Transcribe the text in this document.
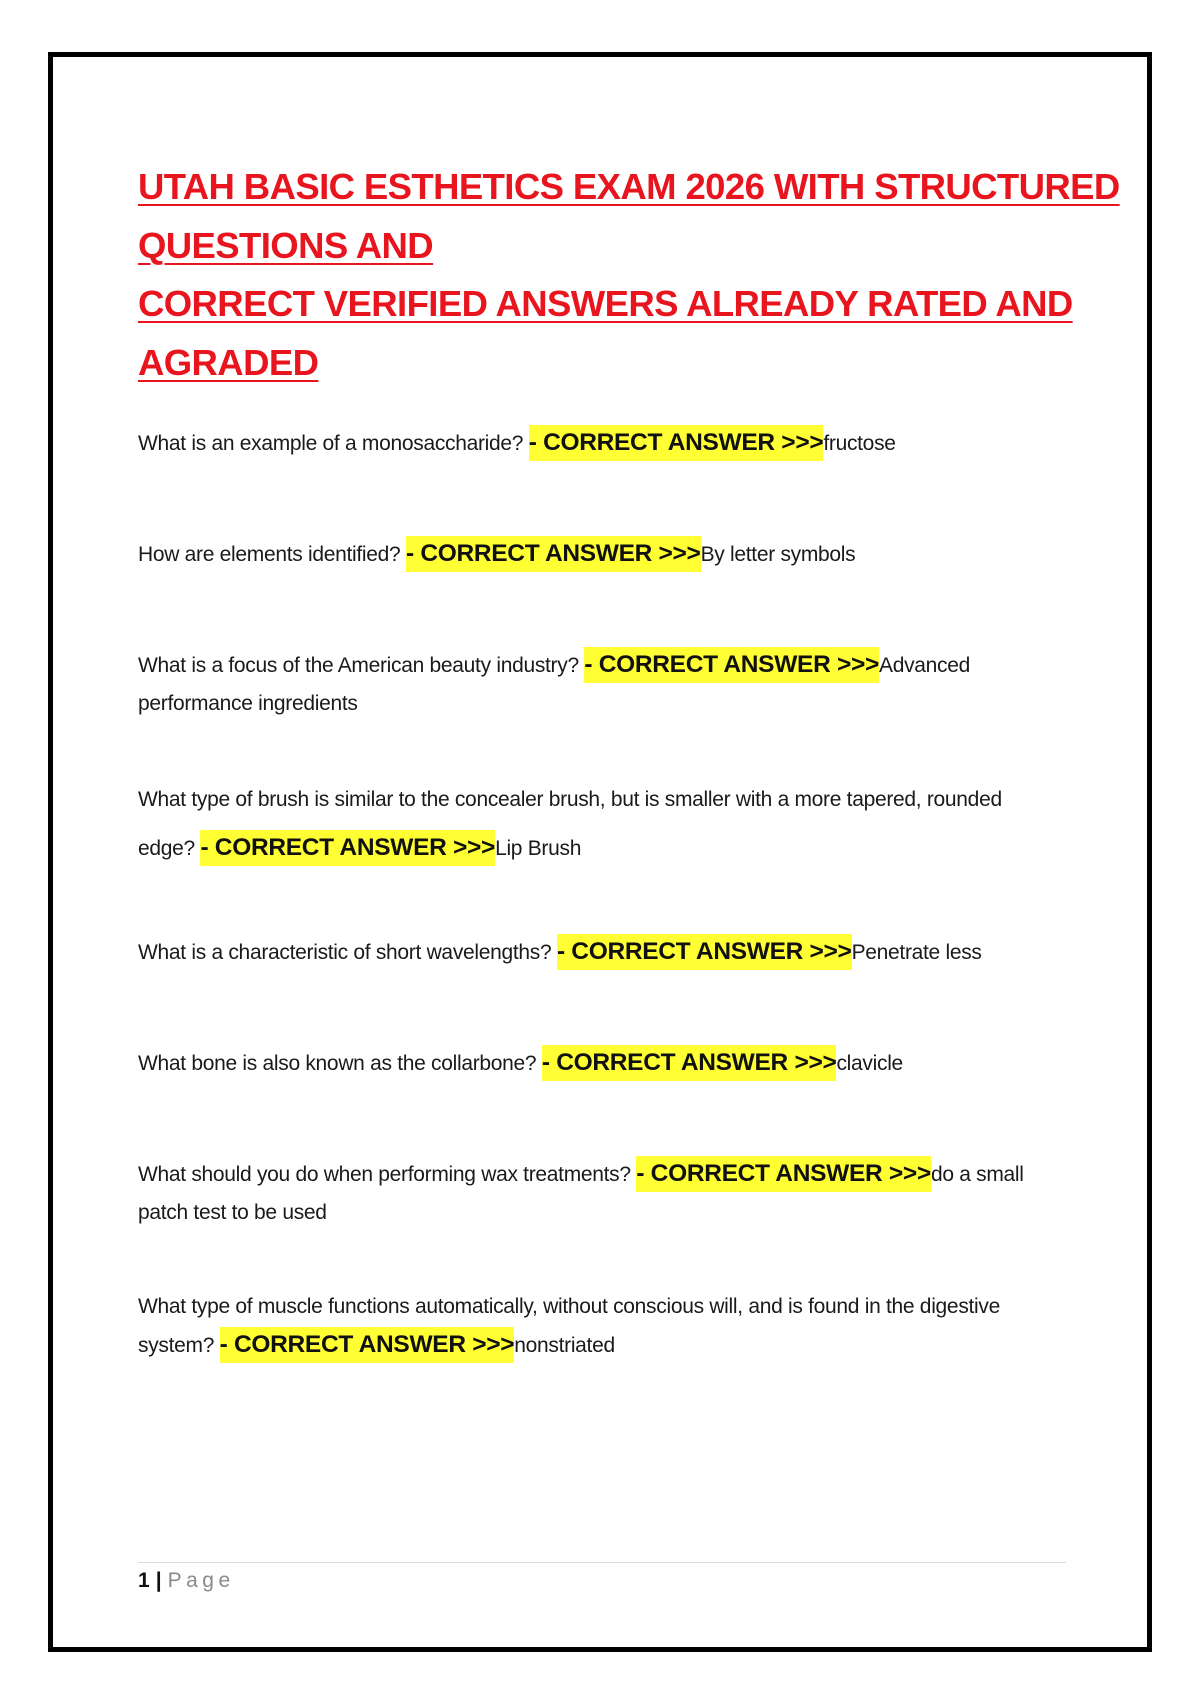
UTAH BASIC ESTHETICS EXAM 2026 WITH STRUCTURED
QUESTIONS AND
CORRECT VERIFIED ANSWERS ALREADY RATED AND
AGRADED

What is an example of a monosaccharide? - CORRECT ANSWER >>>fructose

How are elements identified? - CORRECT ANSWER >>>By letter symbols

What is a focus of the American beauty industry? - CORRECT ANSWER >>>Advanced performance ingredients

What type of brush is similar to the concealer brush, but is smaller with a more tapered, rounded edge? - CORRECT ANSWER >>>Lip Brush

What is a characteristic of short wavelengths? - CORRECT ANSWER >>>Penetrate less

What bone is also known as the collarbone? - CORRECT ANSWER >>>clavicle

What should you do when performing wax treatments? - CORRECT ANSWER >>>do a small patch test to be used

What type of muscle functions automatically, without conscious will, and is found in the digestive system? - CORRECT ANSWER >>>nonstriated

1 | Page
